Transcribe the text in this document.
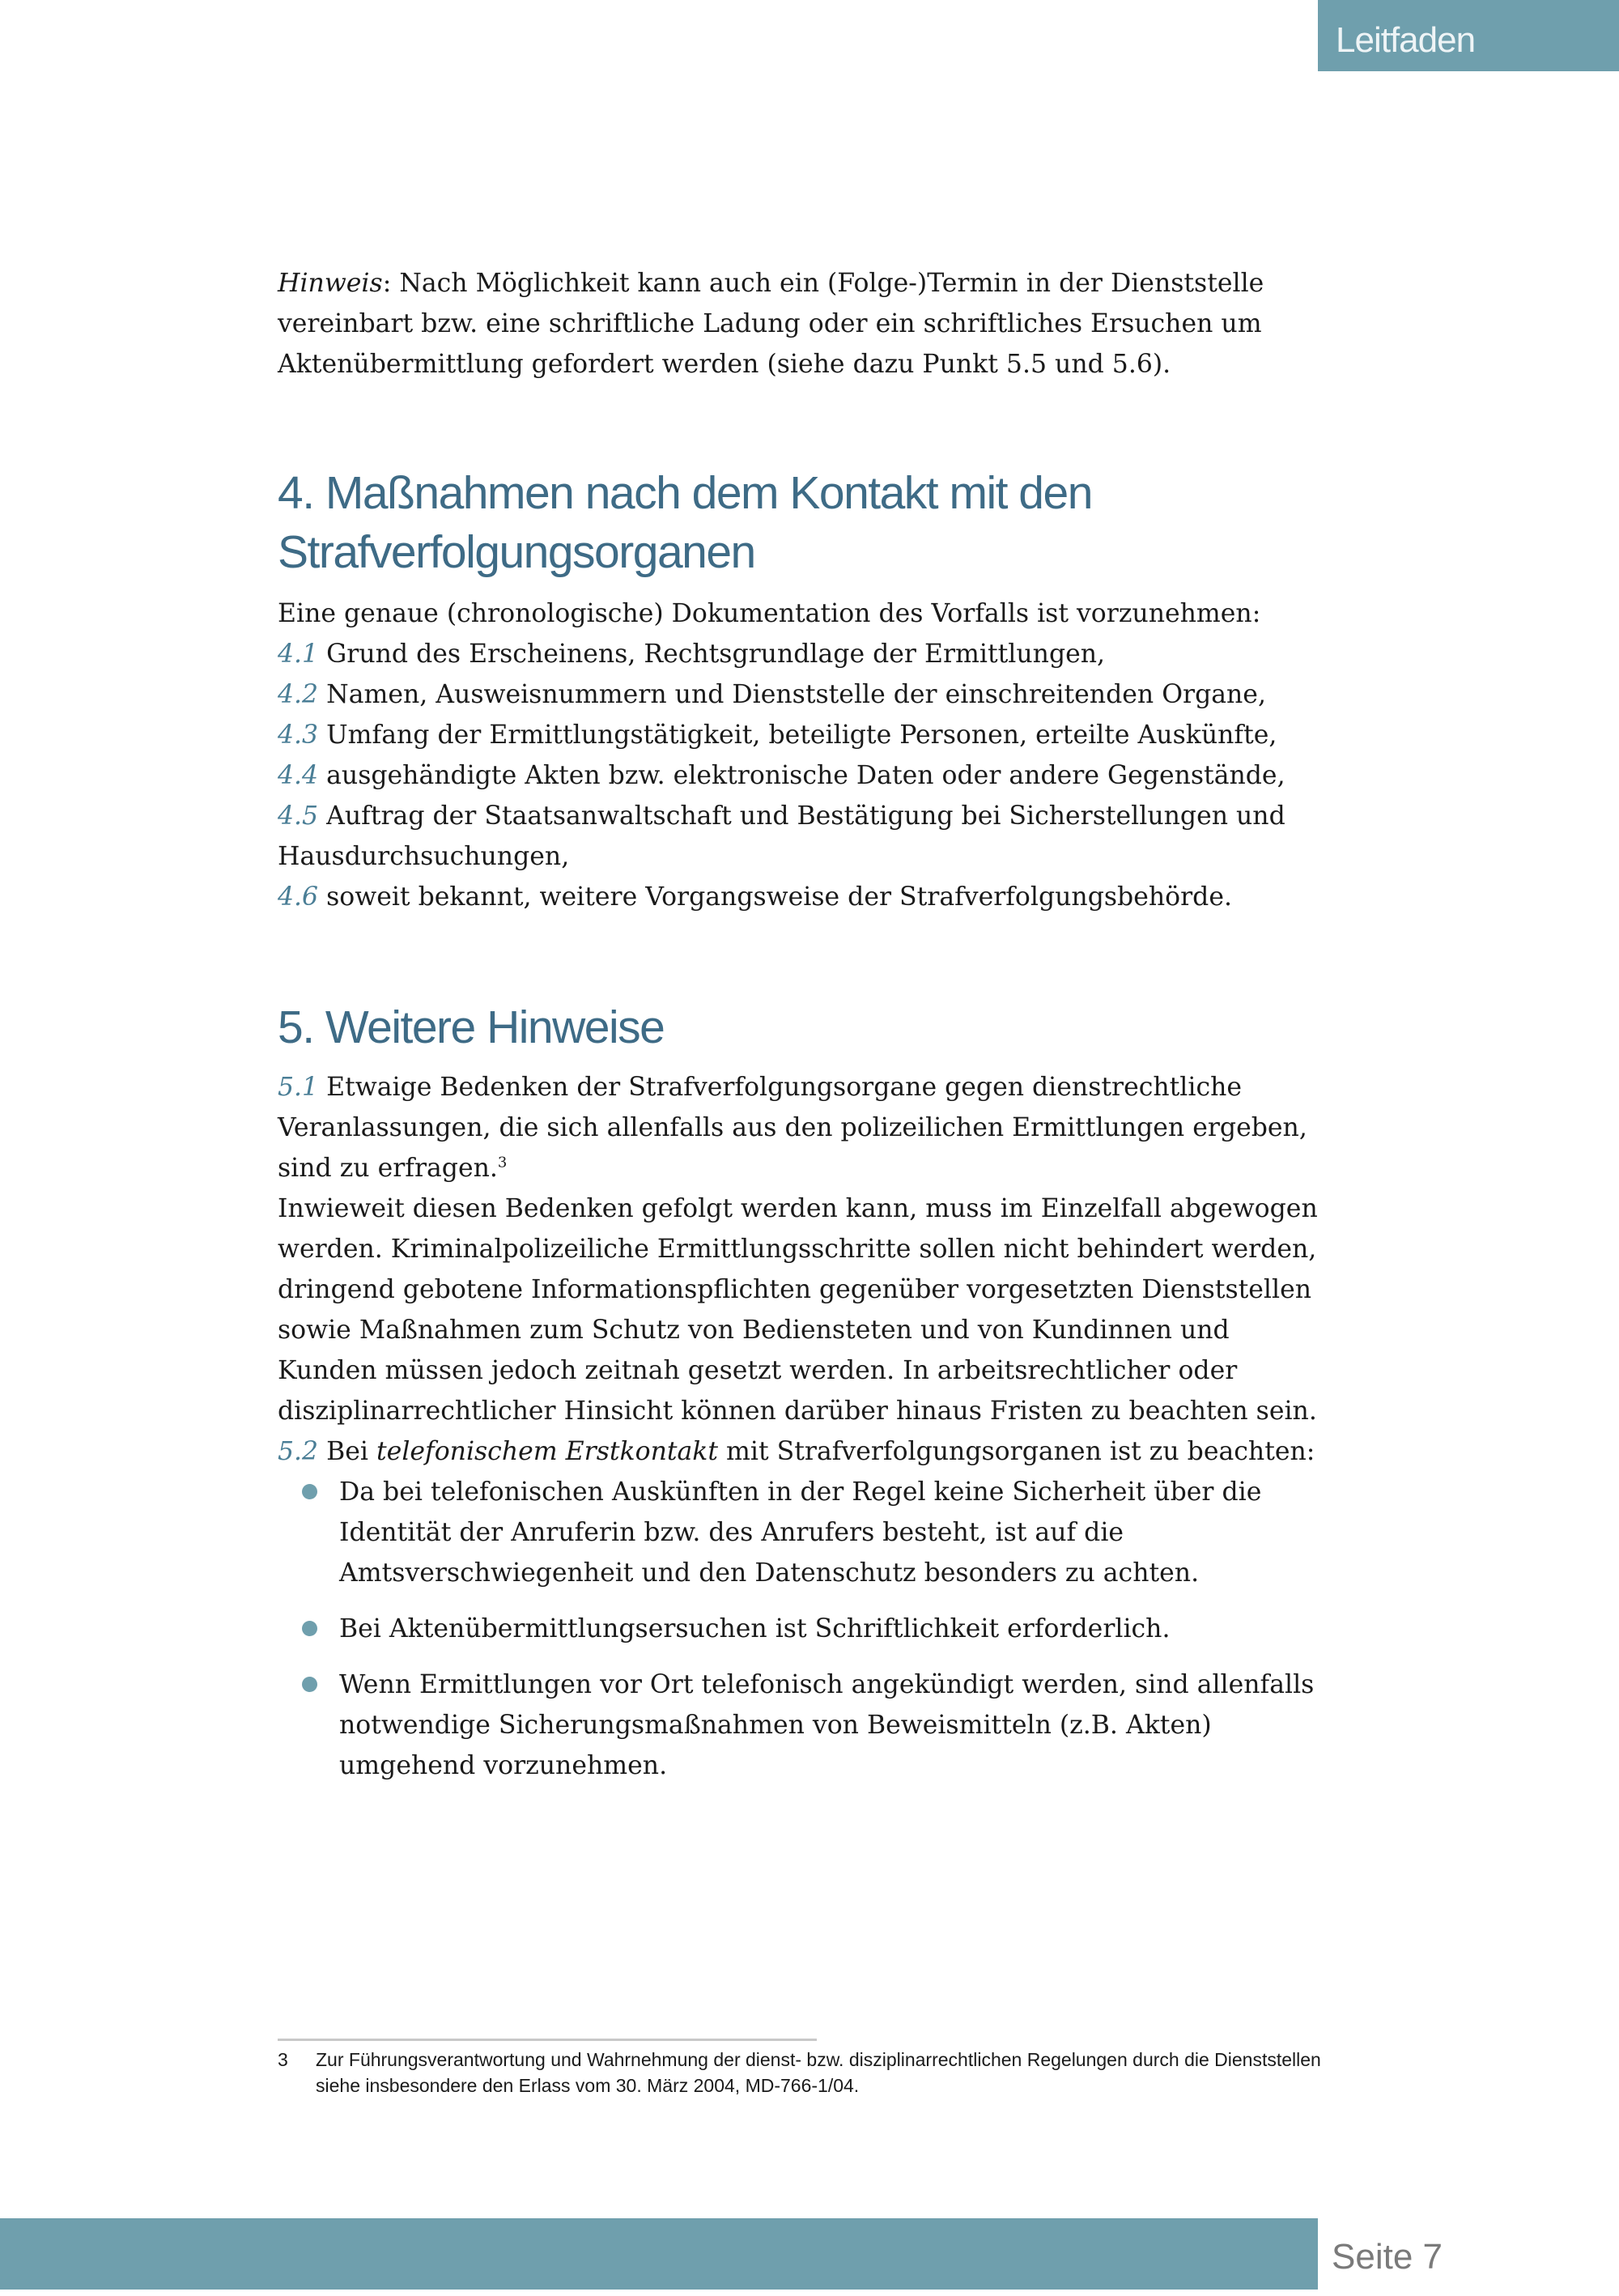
Leitfaden

Hinweis: Nach Möglichkeit kann auch ein (Folge-)Termin in der Dienststelle vereinbart bzw. eine schriftliche Ladung oder ein schriftliches Ersuchen um Aktenübermittlung gefordert werden (siehe dazu Punkt 5.5 und 5.6).

4. Maßnahmen nach dem Kontakt mit den
Strafverfolgungsorganen

Eine genaue (chronologische) Dokumentation des Vorfalls ist vorzunehmen:

4.1 Grund des Erscheinens, Rechtsgrundlage der Ermittlungen,

4.2 Namen, Ausweisnummern und Dienststelle der einschreitenden Organe,

4.3 Umfang der Ermittlungstätigkeit, beteiligte Personen, erteilte Auskünfte,

4.4 ausgehändigte Akten bzw. elektronische Daten oder andere Gegenstände,

4.5 Auftrag der Staatsanwaltschaft und Bestätigung bei Sicherstellungen und Hausdurchsuchungen,

4.6 soweit bekannt, weitere Vorgangsweise der Strafverfolgungsbehörde.

5. Weitere Hinweise

5.1 Etwaige Bedenken der Strafverfolgungsorgane gegen dienstrechtliche Veranlassungen, die sich allenfalls aus den polizeilichen Ermittlungen ergeben, sind zu erfragen.$^3$

Inwieweit diesen Bedenken gefolgt werden kann, muss im Einzelfall abgewogen werden. Kriminalpolizeiliche Ermittlungsschritte sollen nicht behindert werden, dringend gebotene Informationspflichten gegenüber vorgesetzten Dienststellen sowie Maßnahmen zum Schutz von Bediensteten und von Kundinnen und Kunden müssen jedoch zeitnah gesetzt werden. In arbeitsrechtlicher oder disziplinarrechtlicher Hinsicht können darüber hinaus Fristen zu beachten sein.

5.2 Bei telefonischem Erstkontakt mit Strafverfolgungsorganen ist zu beachten:

Da bei telefonischen Auskünften in der Regel keine Sicherheit über die Identität der Anruferin bzw. des Anrufers besteht, ist auf die Amtsverschwiegenheit und den Datenschutz besonders zu achten.
Bei Aktenübermittlungsersuchen ist Schriftlichkeit erforderlich.
Wenn Ermittlungen vor Ort telefonisch angekündigt werden, sind allenfalls notwendige Sicherungsmaßnahmen von Beweismitteln (z.B. Akten) umgehend vorzunehmen.
3	Zur Führungsverantwortung und Wahrnehmung der dienst- bzw. disziplinarrechtlichen Regelungen durch die Dienststellen siehe insbesondere den Erlass vom 30. März 2004, MD-766-1/04.
Seite 7
